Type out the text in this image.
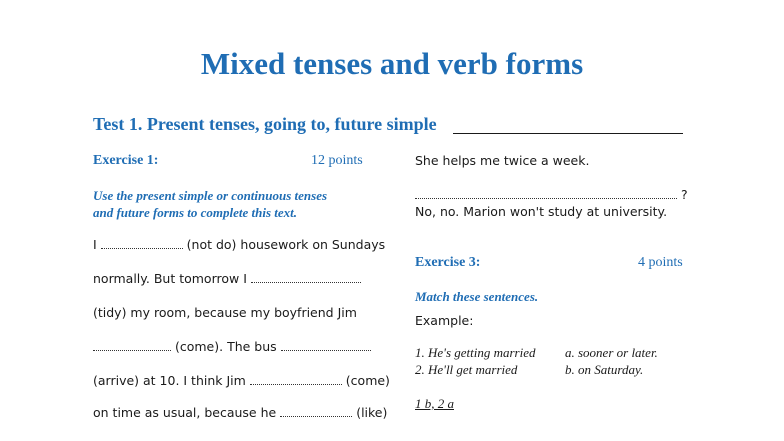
Mixed tenses and verb forms
Test 1. Present tenses, going to, future simple
Exercise 1:	12 points
Use the present simple or continuous tenses
and future forms to complete this text.
I	(not do) housework on Sundays
normally. But tomorrow I
(tidy) my room, because my boyfriend Jim
(come). The bus
(arrive) at 10. I think Jim	(come)
on time as usual, because he	(like)
She helps me twice a week.
?
No, no. Marion won't study at university.
Exercise 3:	4 points
Match these sentences.
Example:
1. He's getting married a. sooner or later.
2. He'll get married	b. on Saturday.
1 b, 2 a
